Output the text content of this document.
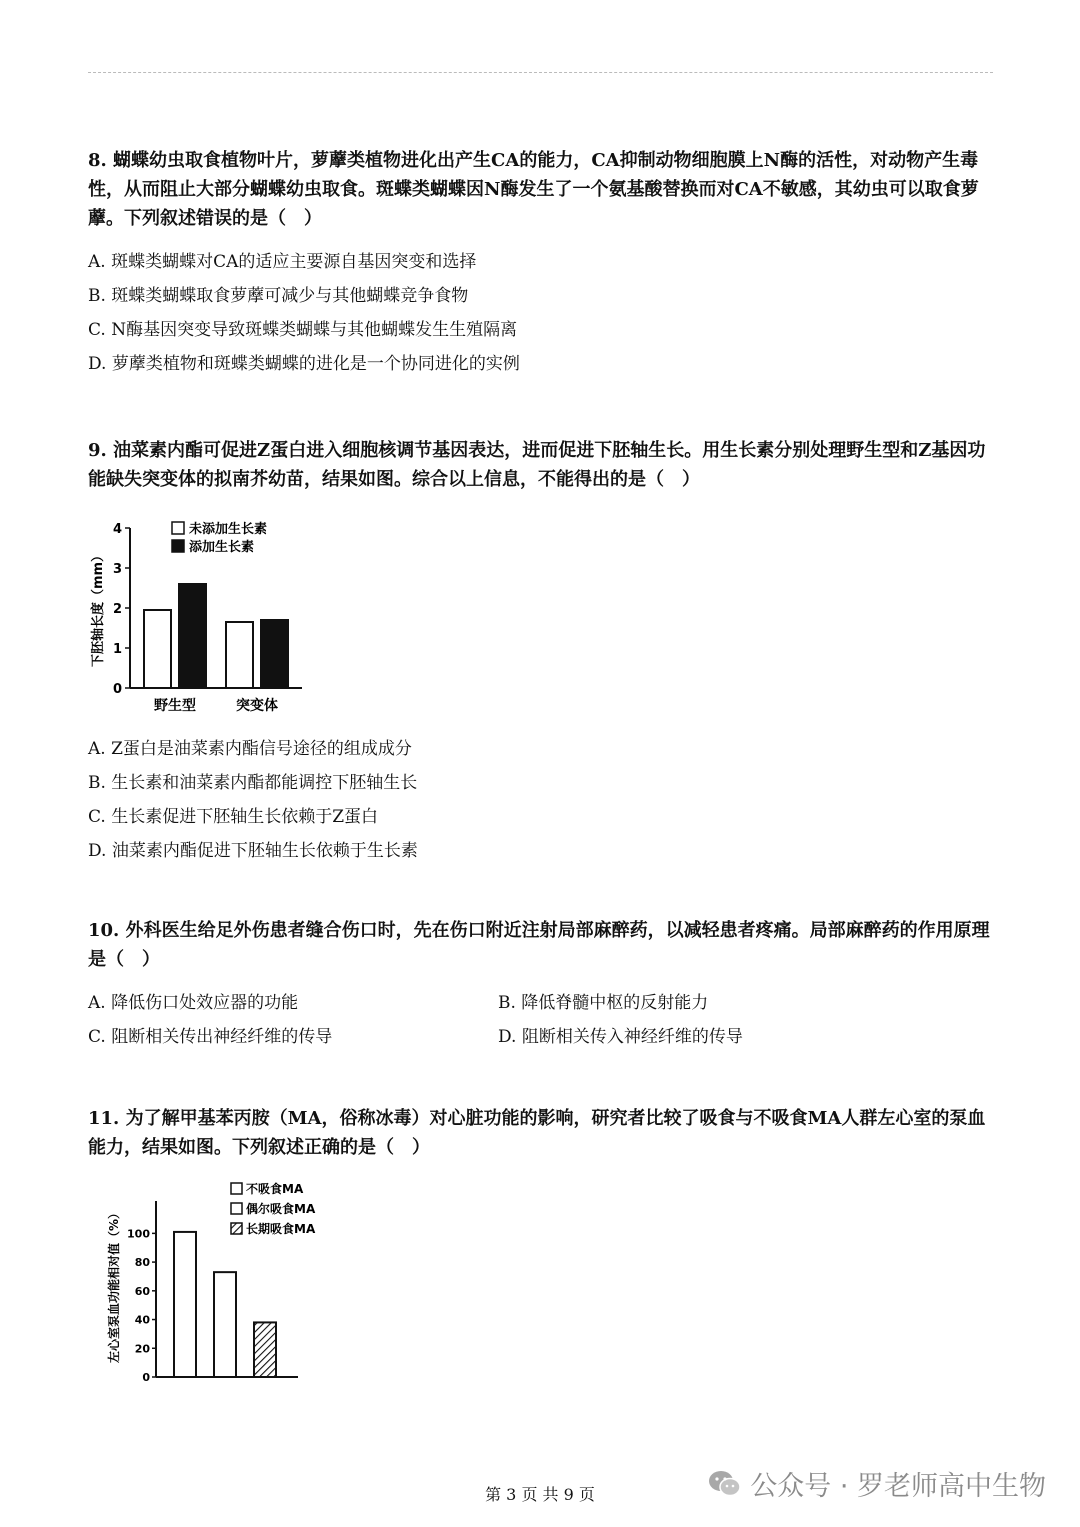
8. 蝴蝶幼虫取食植物叶片，萝藦类植物进化出产生CA的能力，CA抑制动物细胞膜上N酶的活性，对动物产生毒性，从而阻止大部分蝴蝶幼虫取食。斑蝶类蝴蝶因N酶发生了一个氨基酸替换而对CA不敏感，其幼虫可以取食萝藦。下列叙述错误的是（　）

A. 斑蝶类蝴蝶对CA的适应主要源自基因突变和选择

B. 斑蝶类蝴蝶取食萝藦可减少与其他蝴蝶竞争食物

C. N酶基因突变导致斑蝶类蝴蝶与其他蝴蝶发生生殖隔离

D. 萝藦类植物和斑蝶类蝴蝶的进化是一个协同进化的实例

9. 油菜素内酯可促进Z蛋白进入细胞核调节基因表达，进而促进下胚轴生长。用生长素分别处理野生型和Z基因功能缺失突变体的拟南芥幼苗，结果如图。综合以上信息，不能得出的是（　）

0
1
2
3
4
下胚轴长度（mm）
野生型	突变体
未添加生长素
添加生长素

A. Z蛋白是油菜素内酯信号途径的组成成分

B. 生长素和油菜素内酯都能调控下胚轴生长

C. 生长素促进下胚轴生长依赖于Z蛋白

D. 油菜素内酯促进下胚轴生长依赖于生长素

10. 外科医生给足外伤患者缝合伤口时，先在伤口附近注射局部麻醉药，以减轻患者疼痛。局部麻醉药的作用原理是（　）

A. 降低伤口处效应器的功能	B. 降低脊髓中枢的反射能力

C. 阻断相关传出神经纤维的传导	D. 阻断相关传入神经纤维的传导

11. 为了解甲基苯丙胺（MA，俗称冰毒）对心脏功能的影响，研究者比较了吸食与不吸食MA人群左心室的泵血能力，结果如图。下列叙述正确的是（　）

0
20
40
60
80
100
左心室泵血功能相对值（%）
不吸食MA
偶尔吸食MA
长期吸食MA
第 3 页 共 9 页	公众号 · 罗老师高中生物
